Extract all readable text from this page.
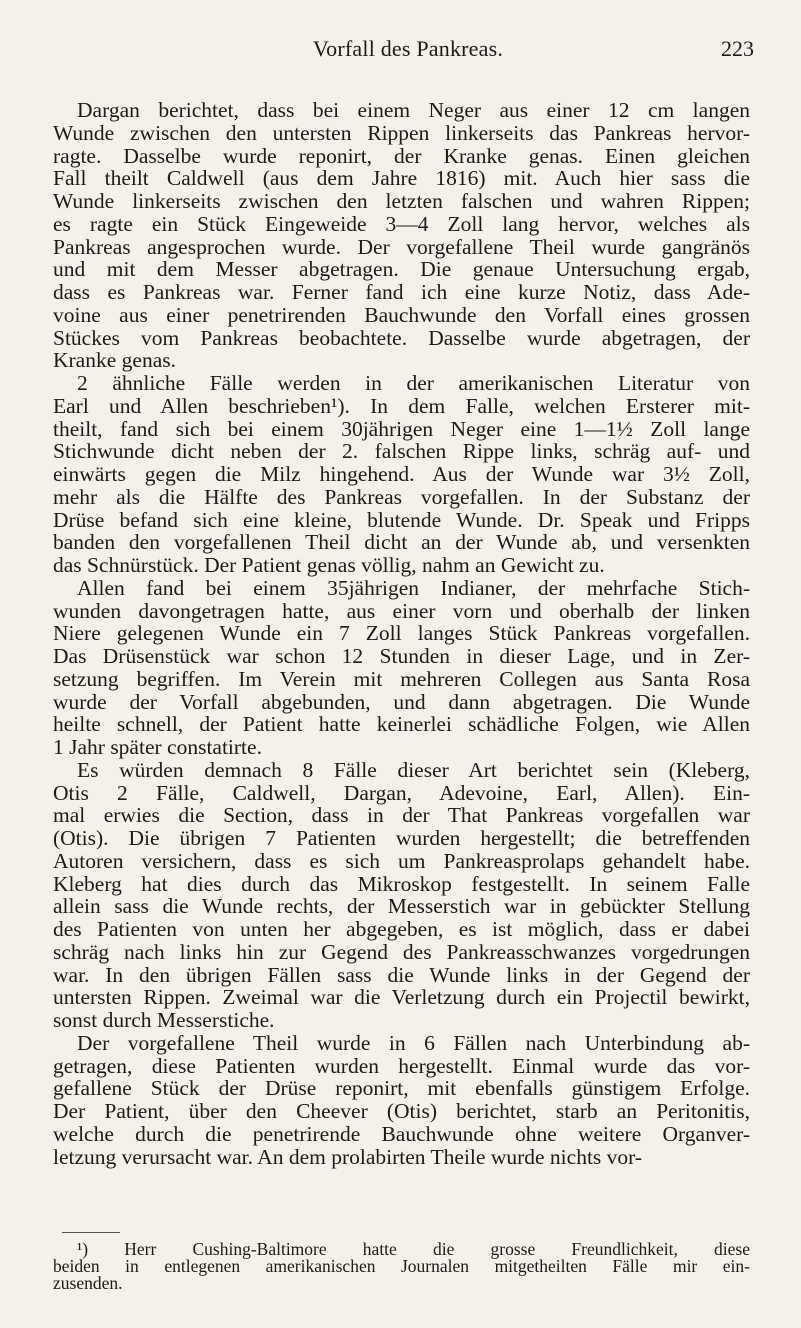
Vorfall des Pankreas.	223
Dargan berichtet, dass bei einem Neger aus einer 12 cm langen
Wunde zwischen den untersten Rippen linkerseits das Pankreas hervor-
ragte. Dasselbe wurde reponirt, der Kranke genas. Einen gleichen
Fall theilt Caldwell (aus dem Jahre 1816) mit. Auch hier sass die
Wunde linkerseits zwischen den letzten falschen und wahren Rippen;
es ragte ein Stück Eingeweide 3—4 Zoll lang hervor, welches als
Pankreas angesprochen wurde. Der vorgefallene Theil wurde gangränös
und mit dem Messer abgetragen. Die genaue Untersuchung ergab,
dass es Pankreas war. Ferner fand ich eine kurze Notiz, dass Ade-
voine aus einer penetrirenden Bauchwunde den Vorfall eines grossen
Stückes vom Pankreas beobachtete. Dasselbe wurde abgetragen, der
Kranke genas.
2 ähnliche Fälle werden in der amerikanischen Literatur von
Earl und Allen beschrieben¹). In dem Falle, welchen Ersterer mit-
theilt, fand sich bei einem 30jährigen Neger eine 1—1½ Zoll lange
Stichwunde dicht neben der 2. falschen Rippe links, schräg auf- und
einwärts gegen die Milz hingehend. Aus der Wunde war 3½ Zoll,
mehr als die Hälfte des Pankreas vorgefallen. In der Substanz der
Drüse befand sich eine kleine, blutende Wunde. Dr. Speak und Fripps
banden den vorgefallenen Theil dicht an der Wunde ab, und versenkten
das Schnürstück. Der Patient genas völlig, nahm an Gewicht zu.
Allen fand bei einem 35jährigen Indianer, der mehrfache Stich-
wunden davongetragen hatte, aus einer vorn und oberhalb der linken
Niere gelegenen Wunde ein 7 Zoll langes Stück Pankreas vorgefallen.
Das Drüsenstück war schon 12 Stunden in dieser Lage, und in Zer-
setzung begriffen. Im Verein mit mehreren Collegen aus Santa Rosa
wurde der Vorfall abgebunden, und dann abgetragen. Die Wunde
heilte schnell, der Patient hatte keinerlei schädliche Folgen, wie Allen
1 Jahr später constatirte.
Es würden demnach 8 Fälle dieser Art berichtet sein (Kleberg,
Otis 2 Fälle, Caldwell, Dargan, Adevoine, Earl, Allen). Ein-
mal erwies die Section, dass in der That Pankreas vorgefallen war
(Otis). Die übrigen 7 Patienten wurden hergestellt; die betreffenden
Autoren versichern, dass es sich um Pankreasprolaps gehandelt habe.
Kleberg hat dies durch das Mikroskop festgestellt. In seinem Falle
allein sass die Wunde rechts, der Messerstich war in gebückter Stellung
des Patienten von unten her abgegeben, es ist möglich, dass er dabei
schräg nach links hin zur Gegend des Pankreasschwanzes vorgedrungen
war. In den übrigen Fällen sass die Wunde links in der Gegend der
untersten Rippen. Zweimal war die Verletzung durch ein Projectil bewirkt,
sonst durch Messerstiche.
Der vorgefallene Theil wurde in 6 Fällen nach Unterbindung ab-
getragen, diese Patienten wurden hergestellt. Einmal wurde das vor-
gefallene Stück der Drüse reponirt, mit ebenfalls günstigem Erfolge.
Der Patient, über den Cheever (Otis) berichtet, starb an Peritonitis,
welche durch die penetrirende Bauchwunde ohne weitere Organver-
letzung verursacht war. An dem prolabirten Theile wurde nichts vor-
¹) Herr Cushing-Baltimore hatte die grosse Freundlichkeit, diese
beiden in entlegenen amerikanischen Journalen mitgetheilten Fälle mir ein-
zusenden.
